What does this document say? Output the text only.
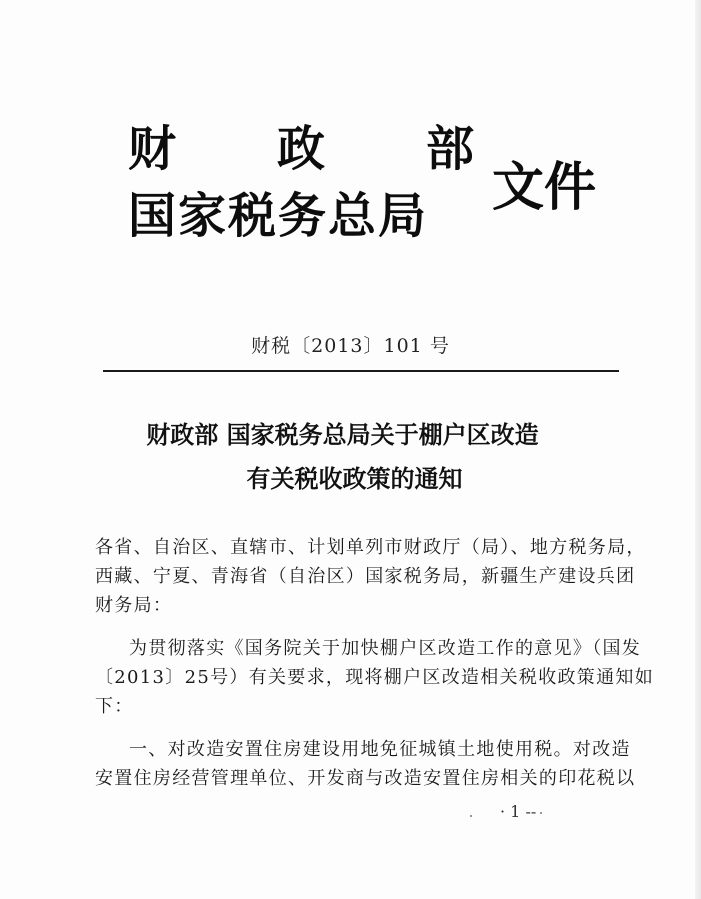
财 政 部
国家税务总局 文件
财税〔2013〕101 号
财政部 国家税务总局关于棚户区改造
有关税收政策的通知
各省、自治区、直辖市、计划单列市财政厅（局）、地方税务局，
西藏、宁夏、青海省（自治区）国家税务局，新疆生产建设兵团
财务局：
为贯彻落实《国务院关于加快棚户区改造工作的意见》（国发
〔2013〕25号）有关要求，现将棚户区改造相关税收政策通知如
下：
一、对改造安置住房建设用地免征城镇土地使用税。对改造
安置住房经营管理单位、开发商与改造安置住房相关的印花税以
· 1 --
